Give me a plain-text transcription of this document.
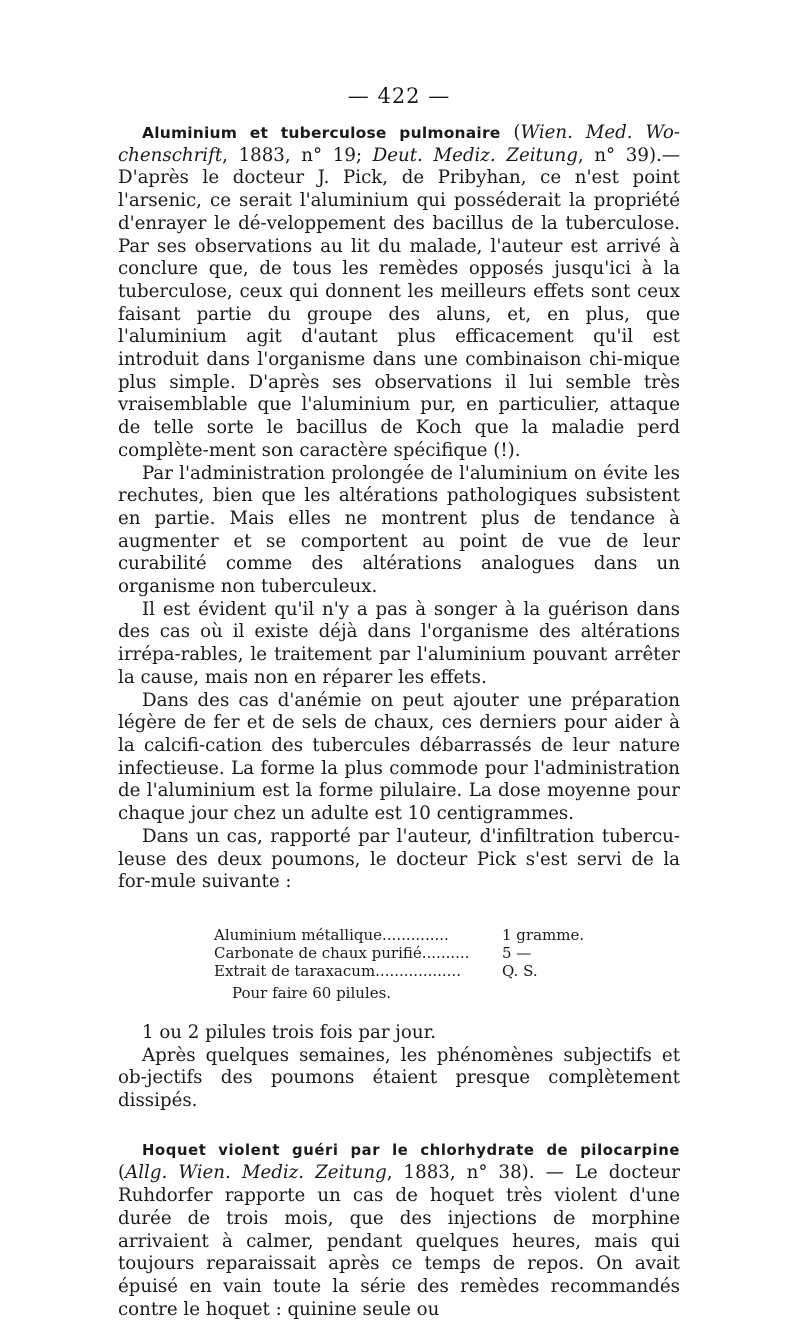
— 422 —

Aluminium et tuberculose pulmonaire (Wien. Med. Wo-chenschrift, 1883, n° 19; Deut. Mediz. Zeitung, n° 39).—D'après le docteur J. Pick, de Pribyhan, ce n'est point l'arsenic, ce serait l'aluminium qui posséderait la propriété d'enrayer le dé-veloppement des bacillus de la tuberculose. Par ses observations au lit du malade, l'auteur est arrivé à conclure que, de tous les remèdes opposés jusqu'ici à la tuberculose, ceux qui donnent les meilleurs effets sont ceux faisant partie du groupe des aluns, et, en plus, que l'aluminium agit d'autant plus efficacement qu'il est introduit dans l'organisme dans une combinaison chi-mique plus simple. D'après ses observations il lui semble très vraisemblable que l'aluminium pur, en particulier, attaque de telle sorte le bacillus de Koch que la maladie perd complète-ment son caractère spécifique (!).

Par l'administration prolongée de l'aluminium on évite les rechutes, bien que les altérations pathologiques subsistent en partie. Mais elles ne montrent plus de tendance à augmenter et se comportent au point de vue de leur curabilité comme des altérations analogues dans un organisme non tuberculeux.

Il est évident qu'il n'y a pas à songer à la guérison dans des cas où il existe déjà dans l'organisme des altérations irrépa-rables, le traitement par l'aluminium pouvant arrêter la cause, mais non en réparer les effets.

Dans des cas d'anémie on peut ajouter une préparation légère de fer et de sels de chaux, ces derniers pour aider à la calcifi-cation des tubercules débarrassés de leur nature infectieuse. La forme la plus commode pour l'administration de l'aluminium est la forme pilulaire. La dose moyenne pour chaque jour chez un adulte est 10 centigrammes.

Dans un cas, rapporté par l'auteur, d'infiltration tubercu-leuse des deux poumons, le docteur Pick s'est servi de la for-mule suivante :

Aluminium métallique..............	1 gramme.
Carbonate de chaux purifié..........	5 —
Extrait de taraxacum..................	Q. S.
Pour faire 60 pilules.

1 ou 2 pilules trois fois par jour.

Après quelques semaines, les phénomènes subjectifs et ob-jectifs des poumons étaient presque complètement dissipés.

Hoquet violent guéri par le chlorhydrate de pilocarpine (Allg. Wien. Mediz. Zeitung, 1883, n° 38). — Le docteur Ruhdorfer rapporte un cas de hoquet très violent d'une durée de trois mois, que des injections de morphine arrivaient à calmer, pendant quelques heures, mais qui toujours reparaissait après ce temps de repos. On avait épuisé en vain toute la série des remèdes recommandés contre le hoquet : quinine seule ou
